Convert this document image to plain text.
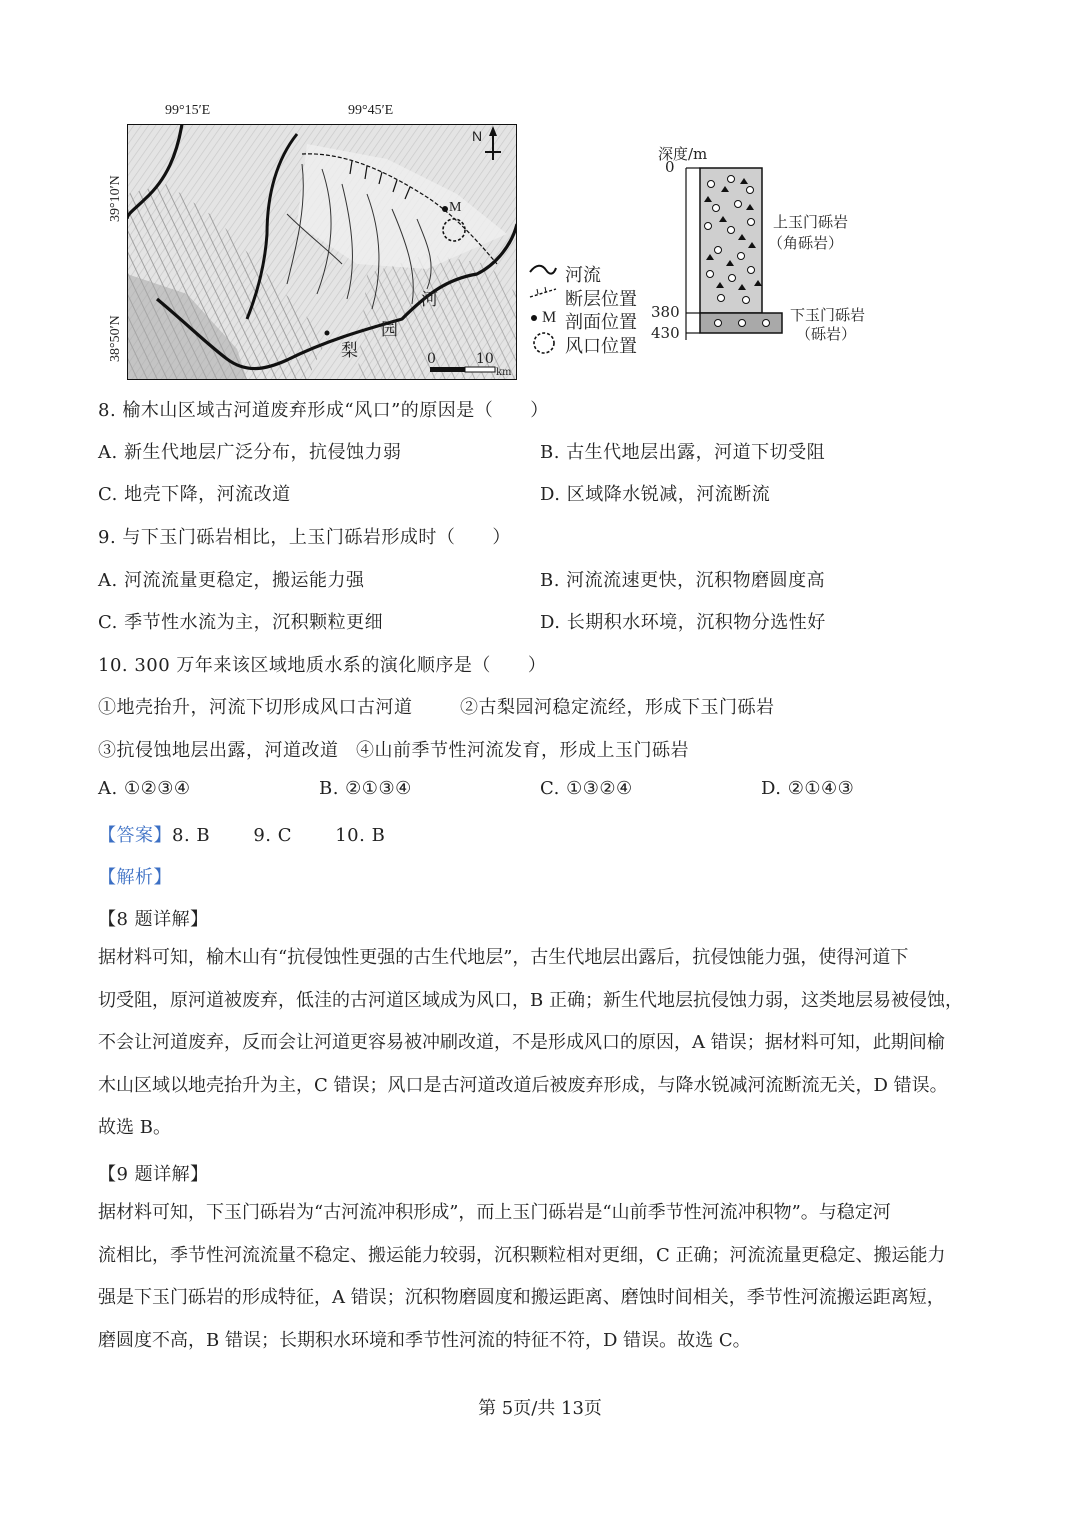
99°15′E	99°45′E
39°10′N
38°50′N
N
M
河
园
梨	0	10
km
河流
断层位置
M 剖面位置
风口位置
深度/m
0
380
430
上玉门砾岩
（角砾岩）
下玉门砾岩
（砾岩）
8. 榆木山区域古河道废弃形成“风口”的原因是（　　）
A. 新生代地层广泛分布，抗侵蚀力弱	B. 古生代地层出露，河道下切受阻
C. 地壳下降，河流改道	D. 区域降水锐减，河流断流
9. 与下玉门砾岩相比，上玉门砾岩形成时（　　）
A. 河流流量更稳定，搬运能力强	B. 河流流速更快，沉积物磨圆度高
C. 季节性水流为主，沉积颗粒更细	D. 长期积水环境，沉积物分选性好
10. 300 万年来该区域地质水系的演化顺序是（　　）
①地壳抬升，河流下切形成风口古河道	②古梨园河稳定流经，形成下玉门砾岩
③抗侵蚀地层出露，河道改道 ④山前季节性河流发育，形成上玉门砾岩
A. ①②③④	B. ②①③④	C. ①③②④	D. ②①④③
【答案】8. B　　 9. C　　 10. B
【解析】
【8 题详解】
据材料可知，榆木山有“抗侵蚀性更强的古生代地层”，古生代地层出露后，抗侵蚀能力强，使得河道下
切受阻，原河道被废弃，低洼的古河道区域成为风口，B 正确；新生代地层抗侵蚀力弱，这类地层易被侵蚀，
不会让河道废弃，反而会让河道更容易被冲刷改道，不是形成风口的原因，A 错误；据材料可知，此期间榆
木山区域以地壳抬升为主，C 错误；风口是古河道改道后被废弃形成，与降水锐减河流断流无关，D 错误。
故选 B。
【9 题详解】
据材料可知，下玉门砾岩为“古河流冲积形成”，而上玉门砾岩是“山前季节性河流冲积物”。与稳定河
流相比，季节性河流流量不稳定、搬运能力较弱，沉积颗粒相对更细，C 正确；河流流量更稳定、搬运能力
强是下玉门砾岩的形成特征，A 错误；沉积物磨圆度和搬运距离、磨蚀时间相关，季节性河流搬运距离短，
磨圆度不高，B 错误；长期积水环境和季节性河流的特征不符，D 错误。故选 C。
第 5页/共 13页
